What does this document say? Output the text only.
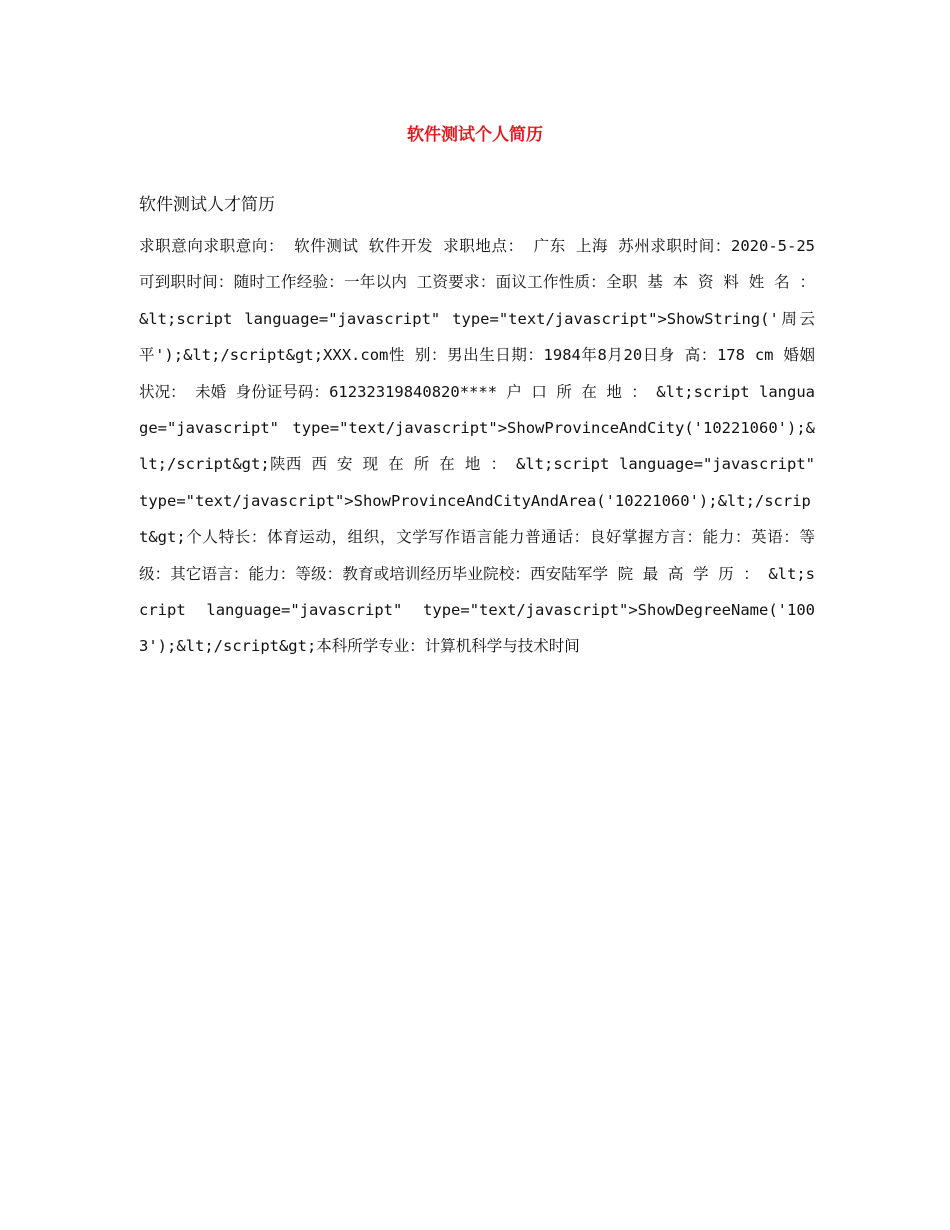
软件测试个人简历
软件测试人才简历

求职意向求职意向： 软件测试 软件开发 求职地点： 广东 上海 苏州求职时间：2020-5-25 可到职时间：随时工作经验：一年以内 工资要求：面议工作性质：全职 基 本 资 料 姓 名 ： &lt;script language="javascript" type="text/javascript">ShowString('周云平');&lt;/script&gt;XXX.com性 别：男出生日期：1984年8月20日身 高：178 cm 婚姻状况： 未婚 身份证号码：61232319840820**** 户 口 所 在 地 ： &lt;script language="javascript" type="text/javascript">ShowProvinceAndCity('10221060');&lt;/script&gt;陕西 西 安 现 在 所 在 地 ： &lt;script language="javascript" type="text/javascript">ShowProvinceAndCityAndArea('10221060');&lt;/script&gt;个人特长：体育运动，组织，文学写作语言能力普通话：良好掌握方言：能力：英语：等级：其它语言：能力：等级：教育或培训经历毕业院校：西安陆军学 院 最 高 学 历 ： &lt;script language="javascript" type="text/javascript">ShowDegreeName('1003');&lt;/script&gt;本科所学专业：计算机科学与技术时间
